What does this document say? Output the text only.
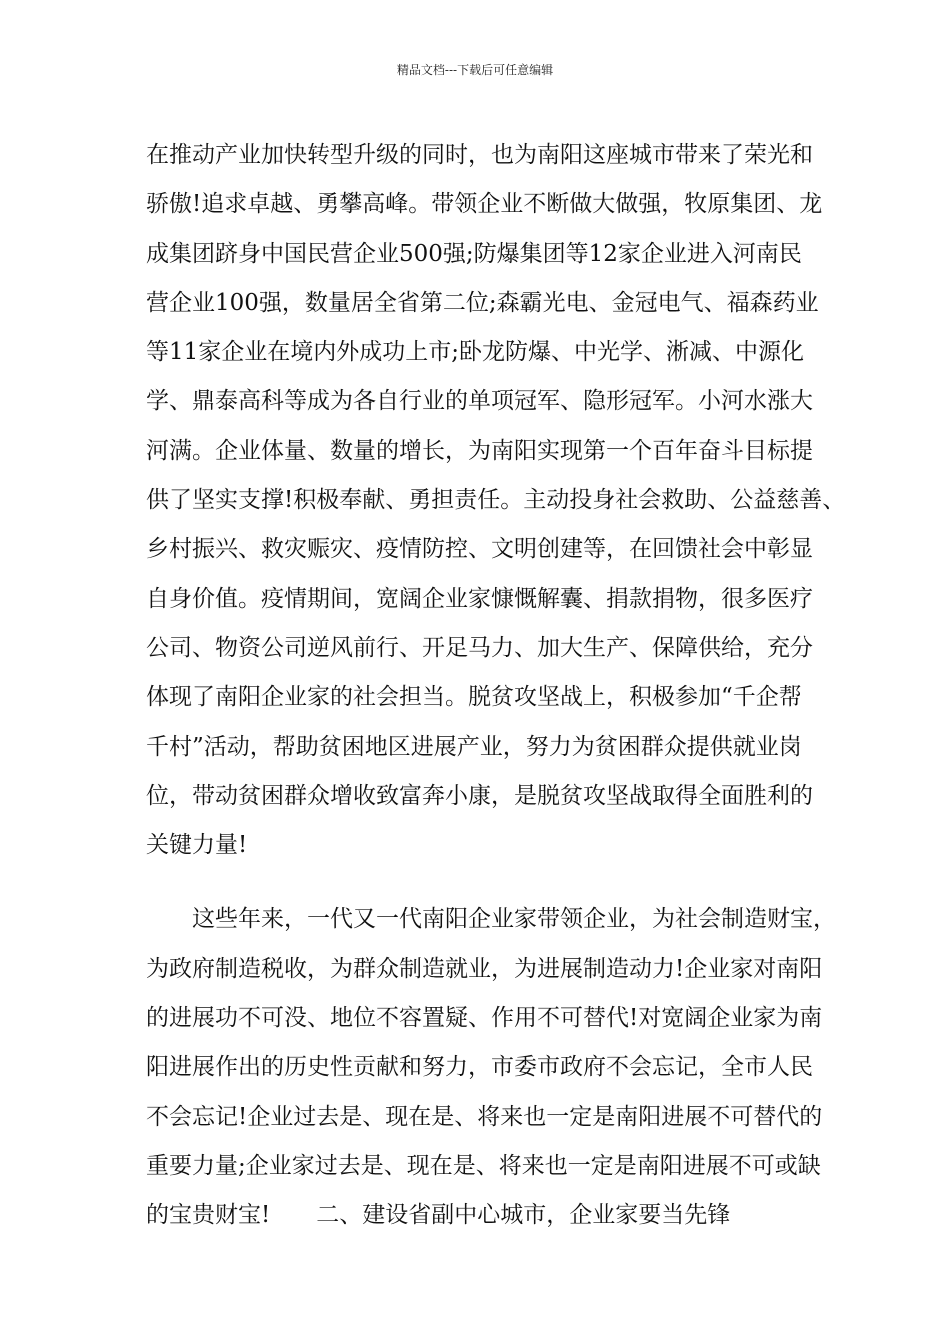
精品文档---下载后可任意编辑
在推动产业加快转型升级的同时，也为南阳这座城市带来了荣光和
骄傲!追求卓越、勇攀高峰。带领企业不断做大做强，牧原集团、龙
成集团跻身中国民营企业500强;防爆集团等12家企业进入河南民
营企业100强，数量居全省第二位;森霸光电、金冠电气、福森药业
等11家企业在境内外成功上市;卧龙防爆、中光学、淅减、中源化
学、鼎泰高科等成为各自行业的单项冠军、隐形冠军。小河水涨大
河满。企业体量、数量的增长，为南阳实现第一个百年奋斗目标提
供了坚实支撑!积极奉献、勇担责任。主动投身社会救助、公益慈善、
乡村振兴、救灾赈灾、疫情防控、文明创建等，在回馈社会中彰显
自身价值。疫情期间，宽阔企业家慷慨解囊、捐款捐物，很多医疗
公司、物资公司逆风前行、开足马力、加大生产、保障供给，充分
体现了南阳企业家的社会担当。脱贫攻坚战上，积极参加“千企帮
千村”活动，帮助贫困地区进展产业，努力为贫困群众提供就业岗
位，带动贫困群众增收致富奔小康，是脱贫攻坚战取得全面胜利的
关键力量!
这些年来，一代又一代南阳企业家带领企业，为社会制造财宝，
为政府制造税收，为群众制造就业，为进展制造动力!企业家对南阳
的进展功不可没、地位不容置疑、作用不可替代!对宽阔企业家为南
阳进展作出的历史性贡献和努力，市委市政府不会忘记，全市人民
不会忘记!企业过去是、现在是、将来也一定是南阳进展不可替代的
重要力量;企业家过去是、现在是、将来也一定是南阳进展不可或缺
的宝贵财宝! 二、建设省副中心城市，企业家要当先锋
